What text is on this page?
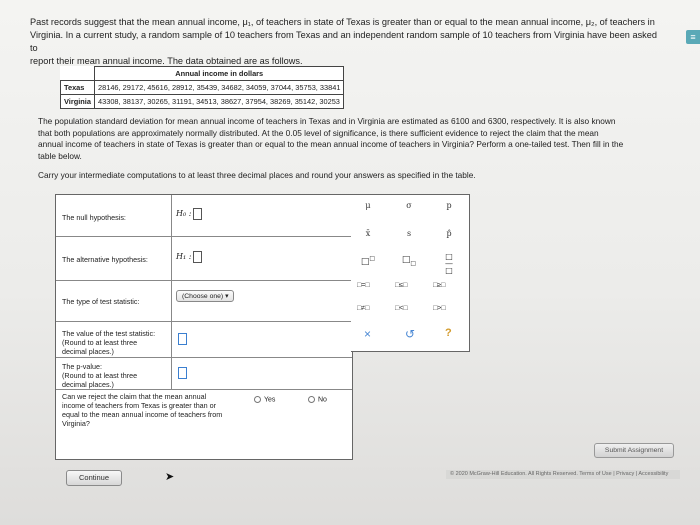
≡
Past records suggest that the mean annual income, μ₁, of teachers in state of Texas is greater than or equal to the mean annual income, μ₂, of teachers in
Virginia. In a current study, a random sample of 10 teachers from Texas and an independent random sample of 10 teachers from Virginia have been asked to
report their mean annual income. The data obtained are as follows.
	Annual income in dollars
Texas	28146, 29172, 45616, 28912, 35439, 34682, 34059, 37044, 35753, 33841
Virginia	43308, 38137, 30265, 31191, 34513, 38627, 37954, 38269, 35142, 30253
The population standard deviation for mean annual income of teachers in Texas and in Virginia are estimated as 6100 and 6300, respectively. It is also known
that both populations are approximately normally distributed. At the 0.05 level of significance, is there sufficient evidence to reject the claim that the mean
annual income of teachers in state of Texas is greater than or equal to the mean annual income of teachers in Virginia? Perform a one-tailed test. Then fill in the
table below.
Carry your intermediate computations to at least three decimal places and round your answers as specified in the table.
The null hypothesis:	H₀ :
The alternative hypothesis:	H₁ :
The type of test statistic:
(Choose one) ▾
The value of the test statistic:
(Round to at least three
decimal places.)
The p-value:
(Round to at least three
decimal places.)
Can we reject the claim that the mean annual
income of teachers from Texas is greater than or
equal to the mean annual income of teachers from
Virginia?
Yes	No
μ	σ	p
x̄	s	p̂
□□	$□_□$
□
—
□
□=□	□≤□	□≥□
□≠□	□<□	□>□
×	↺	?
Submit Assignment
Continue	➤	© 2020 McGraw-Hill Education. All Rights Reserved. Terms of Use | Privacy | Accessibility
